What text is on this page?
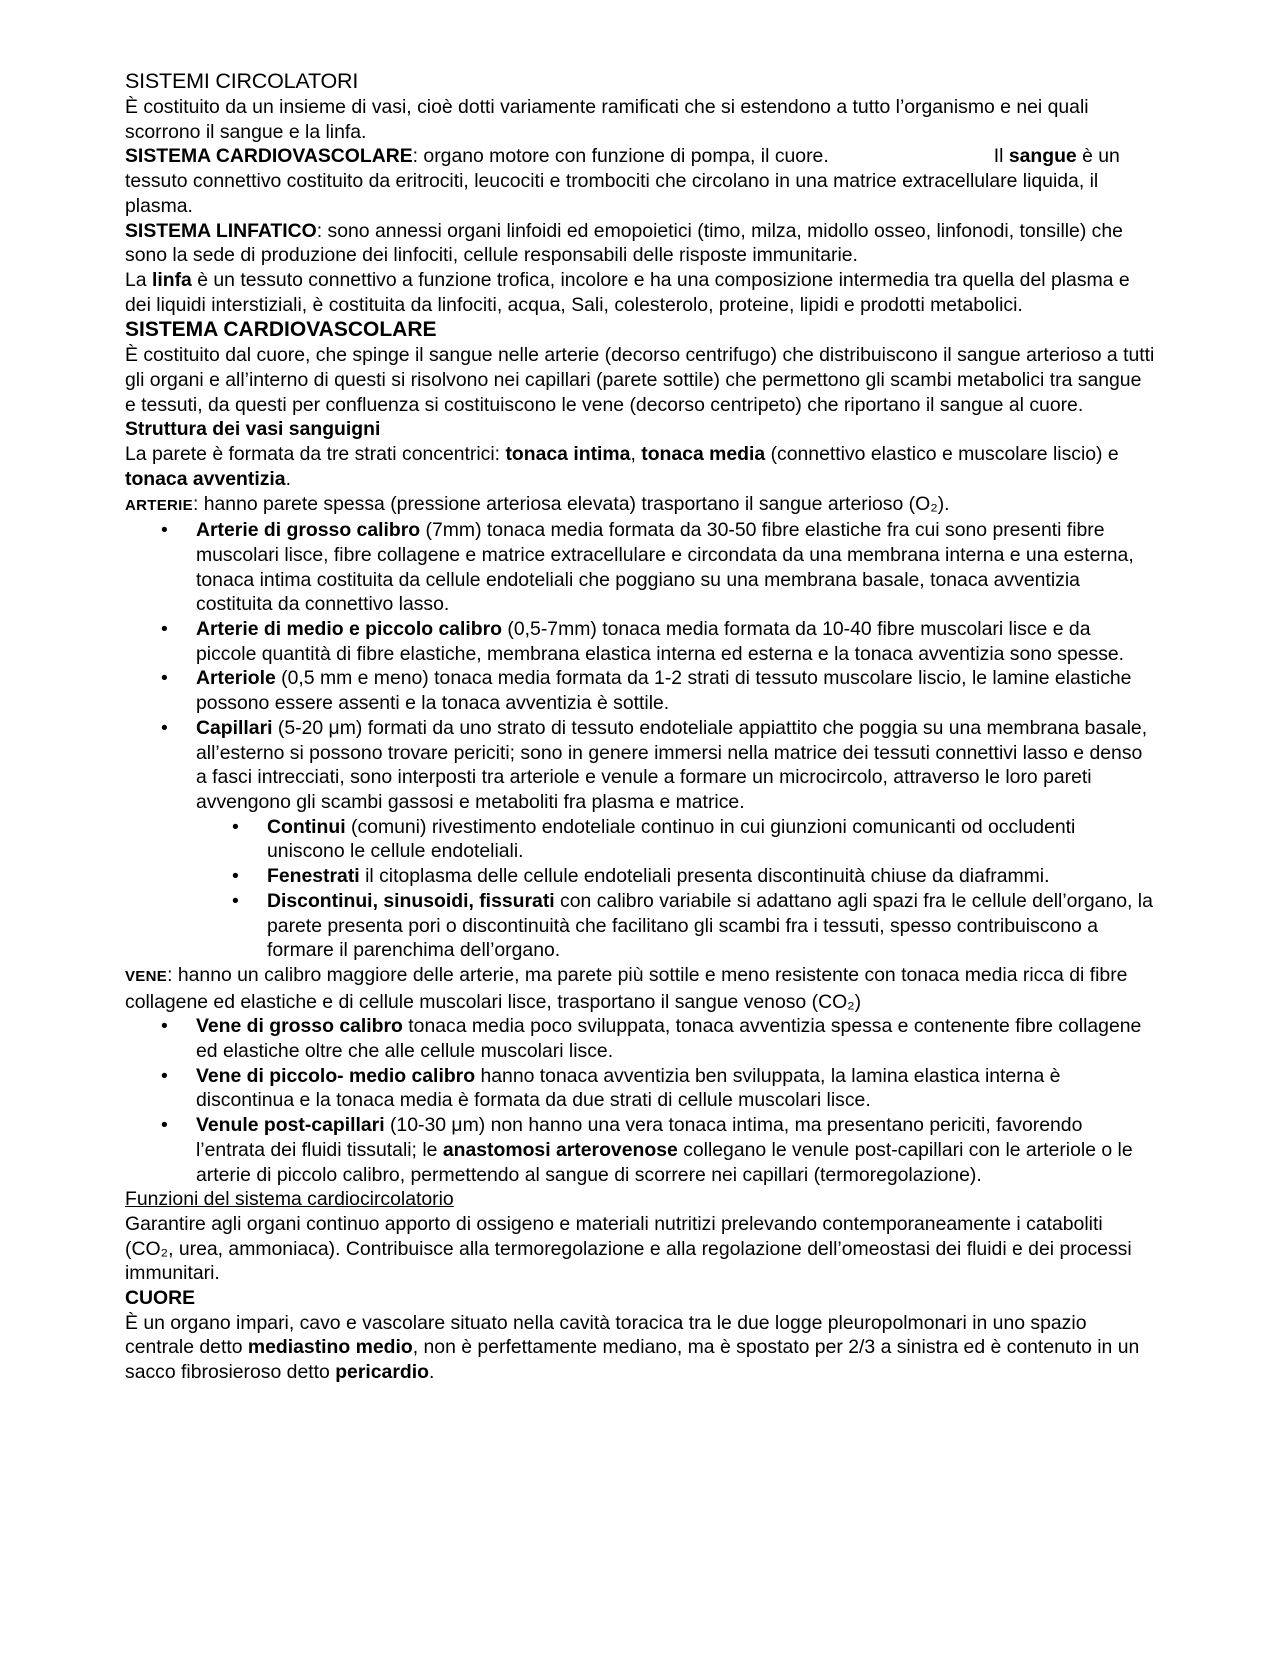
SISTEMI CIRCOLATORI

È costituito da un insieme di vasi, cioè dotti variamente ramificati che si estendono a tutto l’organismo e nei quali scorrono il sangue e la linfa.

SISTEMA CARDIOVASCOLARE: organo motore con funzione di pompa, il cuore.	Il sangue è un tessuto connettivo costituito da eritrociti, leucociti e trombociti che circolano in una matrice extracellulare liquida, il plasma.

SISTEMA LINFATICO: sono annessi organi linfoidi ed emopoietici (timo, milza, midollo osseo, linfonodi, tonsille) che sono la sede di produzione dei linfociti, cellule responsabili delle risposte immunitarie.

La linfa è un tessuto connettivo a funzione trofica, incolore e ha una composizione intermedia tra quella del plasma e dei liquidi interstiziali, è costituita da linfociti, acqua, Sali, colesterolo, proteine, lipidi e prodotti metabolici.

SISTEMA CARDIOVASCOLARE

È costituito dal cuore, che spinge il sangue nelle arterie (decorso centrifugo) che distribuiscono il sangue arterioso a tutti gli organi e all’interno di questi si risolvono nei capillari (parete sottile) che permettono gli scambi metabolici tra sangue e tessuti, da questi per confluenza si costituiscono le vene (decorso centripeto) che riportano il sangue al cuore.

Struttura dei vasi sanguigni

La parete è formata da tre strati concentrici: tonaca intima, tonaca media (connettivo elastico e muscolare liscio) e tonaca avventizia.

ARTERIE: hanno parete spessa (pressione arteriosa elevata) trasportano il sangue arterioso (O₂).

• Arterie di grosso calibro (7mm) tonaca media formata da 30-50 fibre elastiche fra cui sono presenti fibre muscolari lisce, fibre collagene e matrice extracellulare e circondata da una membrana interna e una esterna, tonaca intima costituita da cellule endoteliali che poggiano su una membrana basale, tonaca avventizia costituita da connettivo lasso.
• Arterie di medio e piccolo calibro (0,5-7mm) tonaca media formata da 10-40 fibre muscolari lisce e da piccole quantità di fibre elastiche, membrana elastica interna ed esterna e la tonaca avventizia sono spesse.
• Arteriole (0,5 mm e meno) tonaca media formata da 1-2 strati di tessuto muscolare liscio, le lamine elastiche possono essere assenti e la tonaca avventizia è sottile.
• Capillari (5-20 μm) formati da uno strato di tessuto endoteliale appiattito che poggia su una membrana basale, all’esterno si possono trovare periciti; sono in genere immersi nella matrice dei tessuti connettivi lasso e denso a fasci intrecciati, sono interposti tra arteriole e venule a formare un microcircolo, attraverso le loro pareti avvengono gli scambi gassosi e metaboliti fra plasma e matrice.
• Continui (comuni) rivestimento endoteliale continuo in cui giunzioni comunicanti od occludenti uniscono le cellule endoteliali.
• Fenestrati il citoplasma delle cellule endoteliali presenta discontinuità chiuse da diaframmi.
• Discontinui, sinusoidi, fissurati con calibro variabile si adattano agli spazi fra le cellule dell’organo, la parete presenta pori o discontinuità che facilitano gli scambi fra i tessuti, spesso contribuiscono a formare il parenchima dell’organo.

VENE: hanno un calibro maggiore delle arterie, ma parete più sottile e meno resistente con tonaca media ricca di fibre collagene ed elastiche e di cellule muscolari lisce, trasportano il sangue venoso (CO₂)

• Vene di grosso calibro tonaca media poco sviluppata, tonaca avventizia spessa e contenente fibre collagene ed elastiche oltre che alle cellule muscolari lisce.
• Vene di piccolo- medio calibro hanno tonaca avventizia ben sviluppata, la lamina elastica interna è discontinua e la tonaca media è formata da due strati di cellule muscolari lisce.
• Venule post-capillari (10-30 μm) non hanno una vera tonaca intima, ma presentano periciti, favorendo l’entrata dei fluidi tissutali; le anastomosi arterovenose collegano le venule post-capillari con le arteriole o le arterie di piccolo calibro, permettendo al sangue di scorrere nei capillari (termoregolazione).

Funzioni del sistema cardiocircolatorio

Garantire agli organi continuo apporto di ossigeno e materiali nutritizi prelevando contemporaneamente i cataboliti (CO₂, urea, ammoniaca). Contribuisce alla termoregolazione e alla regolazione dell’omeostasi dei fluidi e dei processi immunitari.

CUORE

È un organo impari, cavo e vascolare situato nella cavità toracica tra le due logge pleuropolmonari in uno spazio centrale detto mediastino medio, non è perfettamente mediano, ma è spostato per 2/3 a sinistra ed è contenuto in un sacco fibrosieroso detto pericardio.
